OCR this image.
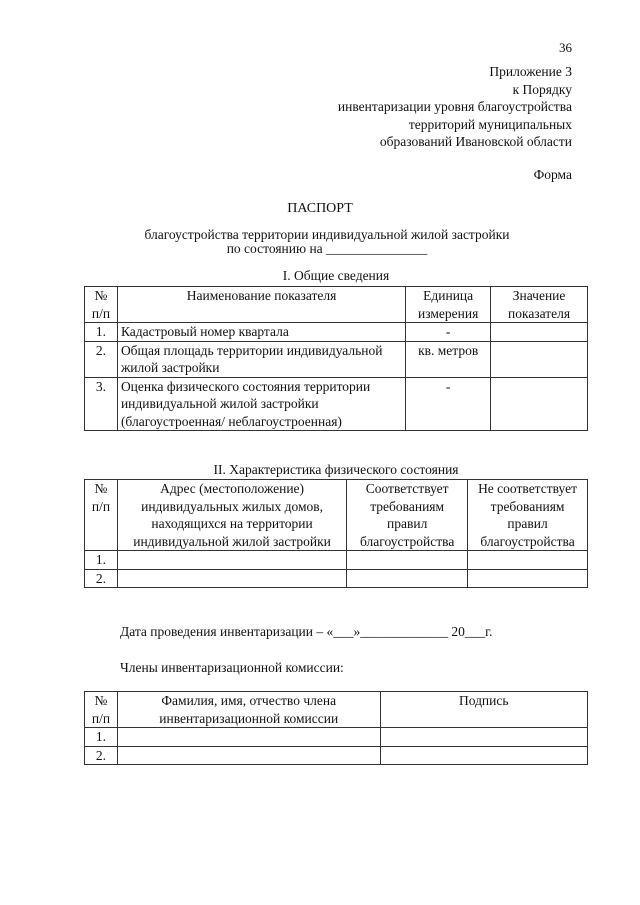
36
Приложение 3
к Порядку
инвентаризации уровня благоустройства
территорий муниципальных
образований Ивановской области
Форма
ПАСПОРТ
благоустройства территории индивидуальной жилой застройки
по состоянию на _______________
I. Общие сведения
№ п/п	Наименование показателя	Единица измерения	Значение показателя
1.	Кадастровый номер квартала	-	
2.	Общая площадь территории индивидуальной жилой застройки	кв. метров	
3.	Оценка физического состояния территории индивидуальной жилой застройки (благоустроенная/ неблагоустроенная)	-	
II. Характеристика физического состояния
№ п/п	Адрес (местоположение) индивидуальных жилых домов, находящихся на территории индивидуальной жилой застройки	Соответствует требованиям правил благоустройства	Не соответствует требованиям правил благоустройства
1.			
2.			
Дата проведения инвентаризации – «___»_____________ 20___г.
Члены инвентаризационной комиссии:
№ п/п	Фамилия, имя, отчество члена инвентаризационной комиссии	Подпись
1.		
2.		
